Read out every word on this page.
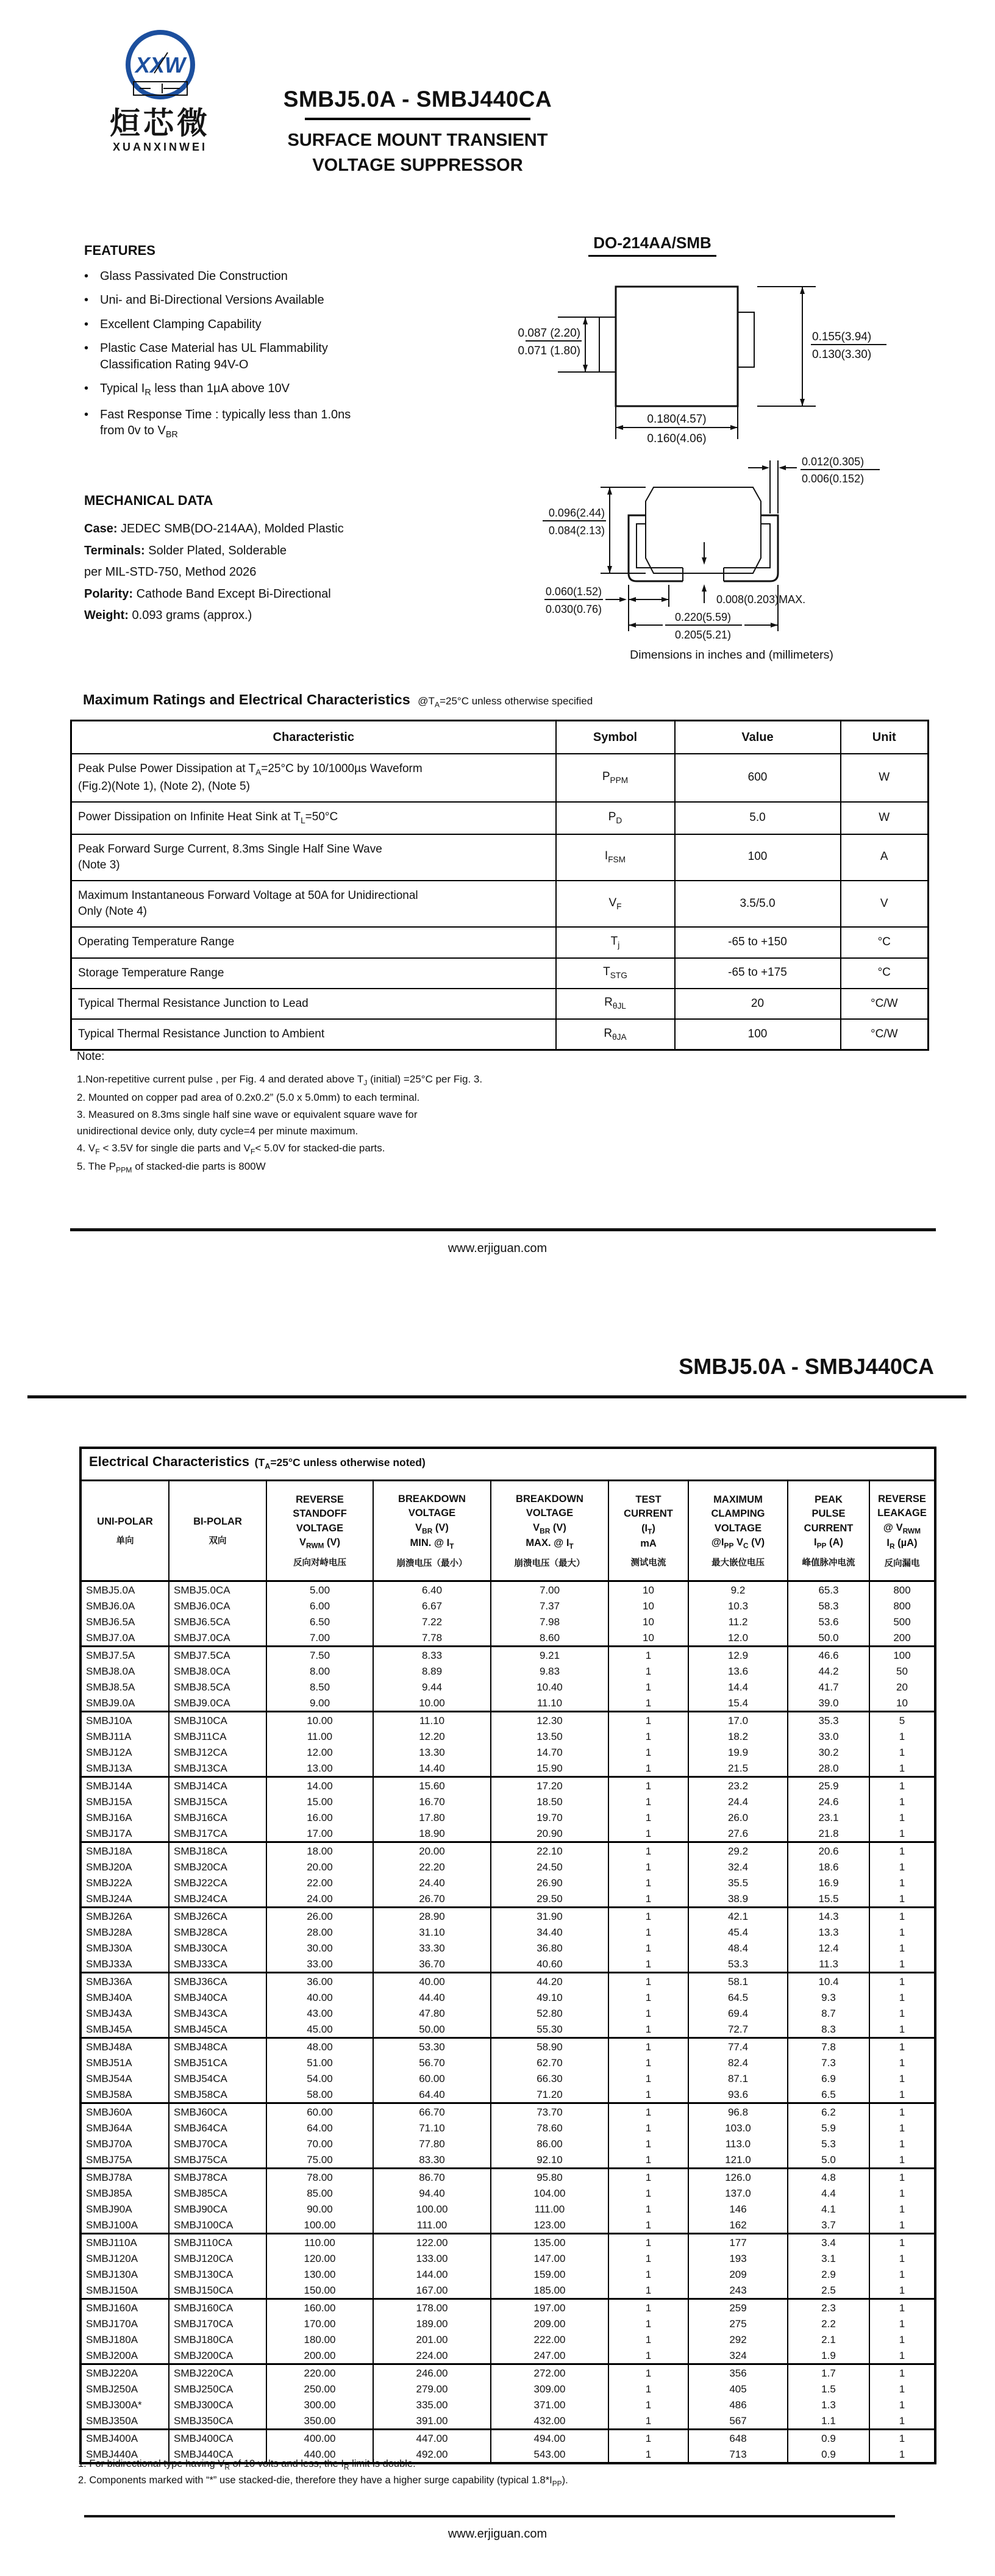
XXW
烜芯微
XUANXINWEI
SMBJ5.0A - SMBJ440CA
SURFACE MOUNT TRANSIENT
VOLTAGE SUPPRESSOR
FEATURES
• Glass Passivated Die Construction
• Uni- and Bi-Directional Versions Available
• Excellent Clamping Capability
• Plastic Case Material has UL Flammability
Classification Rating 94V-O
• Typical $I_R$ less than 1µA above 10V
• Fast Response Time : typically less than 1.0ns
from 0v to $V_{BR}$
DO-214AA/SMB
0.087 (2.20)
0.071 (1.80)
0.155(3.94)
0.130(3.30)
0.180(4.57)
0.160(4.06)
0.012(0.305)
0.006(0.152)
0.096(2.44)
0.084(2.13)
0.060(1.52)
0.030(0.76)
0.008(0.203)MAX.
0.220(5.59)
0.205(5.21)
Dimensions in inches and (millimeters)
MECHANICAL DATA
Case: JEDEC SMB(DO-214AA), Molded Plastic
Terminals: Solder Plated, Solderable
per MIL-STD-750, Method 2026
Polarity: Cathode Band Except Bi-Directional
Weight: 0.093 grams (approx.)
Maximum Ratings and Electrical Characteristics $@T_A=25^\circ C$ unless otherwise specified
Characteristic	Symbol	Value	Unit
Peak Pulse Power Dissipation at $T_A=25^\circ C$ by 10/1000µs Waveform
(Fig.2)(Note 1), (Note 2), (Note 5)	$P_{PPM}$	600	W
Power Dissipation on Infinite Heat Sink at $T_L=50^\circ C$	$P_D$	5.0	W
Peak Forward Surge Current, 8.3ms Single Half Sine Wave
(Note 3)	$I_{FSM}$	100	A
Maximum Instantaneous Forward Voltage at 50A for Unidirectional
Only (Note 4)	$V_F$	3.5/5.0	V
Operating Temperature Range	$T_j$	-65 to +150	°C
Storage Temperature Range	$T_{STG}$	-65 to +175	°C
Typical Thermal Resistance Junction to Lead	$R_{\theta JL}$	20	°C/W
Typical Thermal Resistance Junction to Ambient	$R_{\theta JA}$	100	°C/W
Note:
1.Non-repetitive current pulse , per Fig. 4 and derated above $T_J$ (initial) =25°C per Fig. 3.
2. Mounted on copper pad area of 0.2x0.2” (5.0 x 5.0mm) to each terminal.
3. Measured on 8.3ms single half sine wave or equivalent square wave for
unidirectional device only, duty cycle=4 per minute maximum.
4. $V_F < 3.5V$ for single die parts and $V_F< 5.0V$ for stacked-die parts.
5. The $P_{PPM}$ of stacked-die parts is 800W
www.erjiguan.com
SMBJ5.0A - SMBJ440CA
Electrical Characteristics ($T_A=25^\circ C$ unless otherwise noted)								

UNI-POLAR
单向

BI-POLAR
双向

REVERSE
STANDOFF
VOLTAGE
$V_{RWM}$ (V)
反向对峙电压

BREAKDOWN
VOLTAGE
$V_{BR}$ (V)
MIN. @ $I_T$
崩溃电压（最小）

BREAKDOWN
VOLTAGE
$V_{BR}$ (V)
MAX. @ $I_T$
崩溃电压（最大）

TEST
CURRENT
$(I_T)$
mA
测试电流

MAXIMUM
CLAMPING
VOLTAGE
$@I_{PP}$ $V_C$ (V)
最大嵌位电压

PEAK
PULSE
CURRENT
$I_{PP}$ (A)
峰值脉冲电流

REVERSE
LEAKAGE
@ $V_{RWM}$
$I_R$ (µA)
反向漏电

SMBJ5.0A	SMBJ5.0CA	5.00	6.40	7.00	10	9.2	65.3	800
SMBJ6.0A	SMBJ6.0CA	6.00	6.67	7.37	10	10.3	58.3	800
SMBJ6.5A	SMBJ6.5CA	6.50	7.22	7.98	10	11.2	53.6	500
SMBJ7.0A	SMBJ7.0CA	7.00	7.78	8.60	10	12.0	50.0	200
SMBJ7.5A	SMBJ7.5CA	7.50	8.33	9.21	1	12.9	46.6	100
SMBJ8.0A	SMBJ8.0CA	8.00	8.89	9.83	1	13.6	44.2	50
SMBJ8.5A	SMBJ8.5CA	8.50	9.44	10.40	1	14.4	41.7	20
SMBJ9.0A	SMBJ9.0CA	9.00	10.00	11.10	1	15.4	39.0	10
SMBJ10A	SMBJ10CA	10.00	11.10	12.30	1	17.0	35.3	5
SMBJ11A	SMBJ11CA	11.00	12.20	13.50	1	18.2	33.0	1
SMBJ12A	SMBJ12CA	12.00	13.30	14.70	1	19.9	30.2	1
SMBJ13A	SMBJ13CA	13.00	14.40	15.90	1	21.5	28.0	1
SMBJ14A	SMBJ14CA	14.00	15.60	17.20	1	23.2	25.9	1
SMBJ15A	SMBJ15CA	15.00	16.70	18.50	1	24.4	24.6	1
SMBJ16A	SMBJ16CA	16.00	17.80	19.70	1	26.0	23.1	1
SMBJ17A	SMBJ17CA	17.00	18.90	20.90	1	27.6	21.8	1
SMBJ18A	SMBJ18CA	18.00	20.00	22.10	1	29.2	20.6	1
SMBJ20A	SMBJ20CA	20.00	22.20	24.50	1	32.4	18.6	1
SMBJ22A	SMBJ22CA	22.00	24.40	26.90	1	35.5	16.9	1
SMBJ24A	SMBJ24CA	24.00	26.70	29.50	1	38.9	15.5	1
SMBJ26A	SMBJ26CA	26.00	28.90	31.90	1	42.1	14.3	1
SMBJ28A	SMBJ28CA	28.00	31.10	34.40	1	45.4	13.3	1
SMBJ30A	SMBJ30CA	30.00	33.30	36.80	1	48.4	12.4	1
SMBJ33A	SMBJ33CA	33.00	36.70	40.60	1	53.3	11.3	1
SMBJ36A	SMBJ36CA	36.00	40.00	44.20	1	58.1	10.4	1
SMBJ40A	SMBJ40CA	40.00	44.40	49.10	1	64.5	9.3	1
SMBJ43A	SMBJ43CA	43.00	47.80	52.80	1	69.4	8.7	1
SMBJ45A	SMBJ45CA	45.00	50.00	55.30	1	72.7	8.3	1
SMBJ48A	SMBJ48CA	48.00	53.30	58.90	1	77.4	7.8	1
SMBJ51A	SMBJ51CA	51.00	56.70	62.70	1	82.4	7.3	1
SMBJ54A	SMBJ54CA	54.00	60.00	66.30	1	87.1	6.9	1
SMBJ58A	SMBJ58CA	58.00	64.40	71.20	1	93.6	6.5	1
SMBJ60A	SMBJ60CA	60.00	66.70	73.70	1	96.8	6.2	1
SMBJ64A	SMBJ64CA	64.00	71.10	78.60	1	103.0	5.9	1
SMBJ70A	SMBJ70CA	70.00	77.80	86.00	1	113.0	5.3	1
SMBJ75A	SMBJ75CA	75.00	83.30	92.10	1	121.0	5.0	1
SMBJ78A	SMBJ78CA	78.00	86.70	95.80	1	126.0	4.8	1
SMBJ85A	SMBJ85CA	85.00	94.40	104.00	1	137.0	4.4	1
SMBJ90A	SMBJ90CA	90.00	100.00	111.00	1	146	4.1	1
SMBJ100A	SMBJ100CA	100.00	111.00	123.00	1	162	3.7	1
SMBJ110A	SMBJ110CA	110.00	122.00	135.00	1	177	3.4	1
SMBJ120A	SMBJ120CA	120.00	133.00	147.00	1	193	3.1	1
SMBJ130A	SMBJ130CA	130.00	144.00	159.00	1	209	2.9	1
SMBJ150A	SMBJ150CA	150.00	167.00	185.00	1	243	2.5	1
SMBJ160A	SMBJ160CA	160.00	178.00	197.00	1	259	2.3	1
SMBJ170A	SMBJ170CA	170.00	189.00	209.00	1	275	2.2	1
SMBJ180A	SMBJ180CA	180.00	201.00	222.00	1	292	2.1	1
SMBJ200A	SMBJ200CA	200.00	224.00	247.00	1	324	1.9	1
SMBJ220A	SMBJ220CA	220.00	246.00	272.00	1	356	1.7	1
SMBJ250A	SMBJ250CA	250.00	279.00	309.00	1	405	1.5	1
SMBJ300A*	SMBJ300CA	300.00	335.00	371.00	1	486	1.3	1
SMBJ350A	SMBJ350CA	350.00	391.00	432.00	1	567	1.1	1
SMBJ400A	SMBJ400CA	400.00	447.00	494.00	1	648	0.9	1
SMBJ440A	SMBJ440CA	440.00	492.00	543.00	1	713	0.9	1
1. For bidirectional type having $V_R$ of 10 volts and less, the $I_R$ limit is double.
2. Components marked with “*” use stacked-die, therefore they have a higher surge capability (typical $1.8*I_{PP}$).
www.erjiguan.com
